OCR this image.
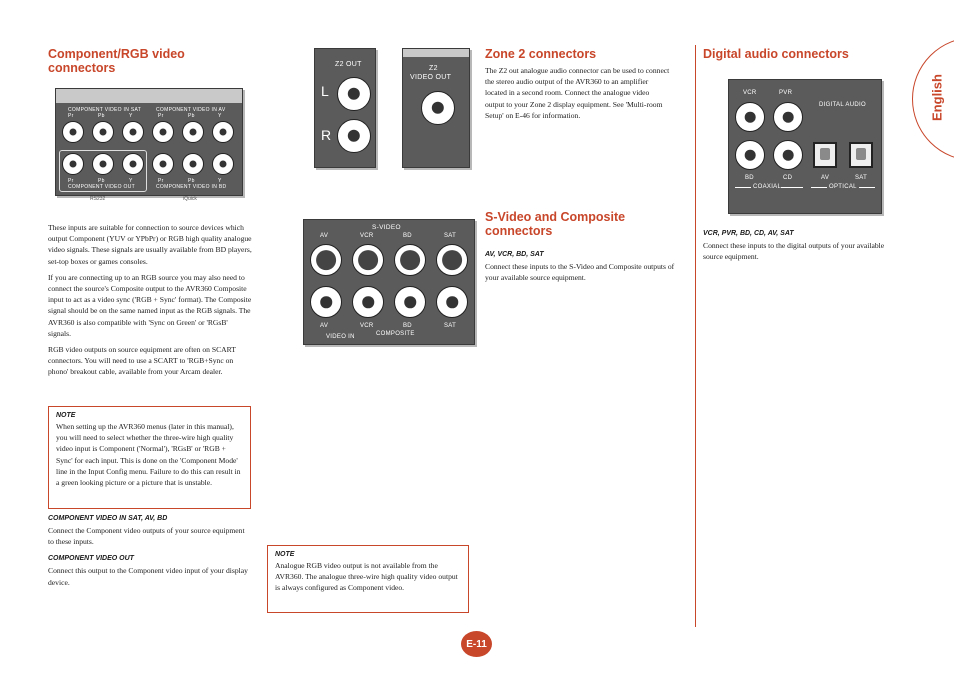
English
Component/RGB video connectors
COMPONENT VIDEO IN SAT	COMPONENT VIDEO IN AV
Pr	Pb	Y	Pr	Pb	Y
Pr	Pb	Y	Pr	Pb	Y
COMPONENT VIDEO OUT	COMPONENT VIDEO IN BD
RS232	iQuick

These inputs are suitable for connection to source devices which output Component (YUV or YPbPr) or RGB high quality analogue video signals. These signals are usually available from BD players, set-top boxes or games consoles.

If you are connecting up to an RGB source you may also need to connect the source's Composite output to the AVR360 Composite input to act as a video sync ('RGB + Sync' format). The Composite signal should be on the same named input as the RGB signals. The AVR360 is also compatible with 'Sync on Green' or 'RGsB' signals.

RGB video outputs on source equipment are often on SCART connectors. You will need to use a SCART to 'RGB+Sync on phono' breakout cable, available from your Arcam dealer.

NOTE

When setting up the AVR360 menus (later in this manual), you will need to select whether the three-wire high quality video input is Component ('Normal'), 'RGsB' or 'RGB + Sync' for each input. This is done on the 'Component Mode' line in the Input Config menu. Failure to do this can result in a green looking picture or a picture that is unstable.

COMPONENT VIDEO IN SAT, AV, BD

Connect the Component video outputs of your source equipment to these inputs.

COMPONENT VIDEO OUT

Connect this output to the Component video input of your display device.

Z2 OUT
L
R
Z2
VIDEO OUT
S-VIDEO
AV	VCR	BD	SAT
AV	VCR	BD	SAT
VIDEO IN	COMPOSITE
NOTE

Analogue RGB video output is not available from the AVR360. The analogue three-wire high quality video output is always configured as Component video.

Zone 2 connectors

The Z2 out analogue audio connector can be used to connect the stereo audio output of the AVR360 to an amplifier located in a second room. Connect the analogue video output to your Zone 2 display equipment. See 'Multi-room Setup' on E-46 for information.

S-Video and Composite connectors
AV, VCR, BD, SAT

Connect these inputs to the S-Video and Composite outputs of your available source equipment.

Digital audio connectors
VCR	PVR
DIGITAL AUDIO
BD	CD	AV	SAT
COAXIAL	OPTICAL
VCR, PVR, BD, CD, AV, SAT

Connect these inputs to the digital outputs of your available source equipment.

E-11
